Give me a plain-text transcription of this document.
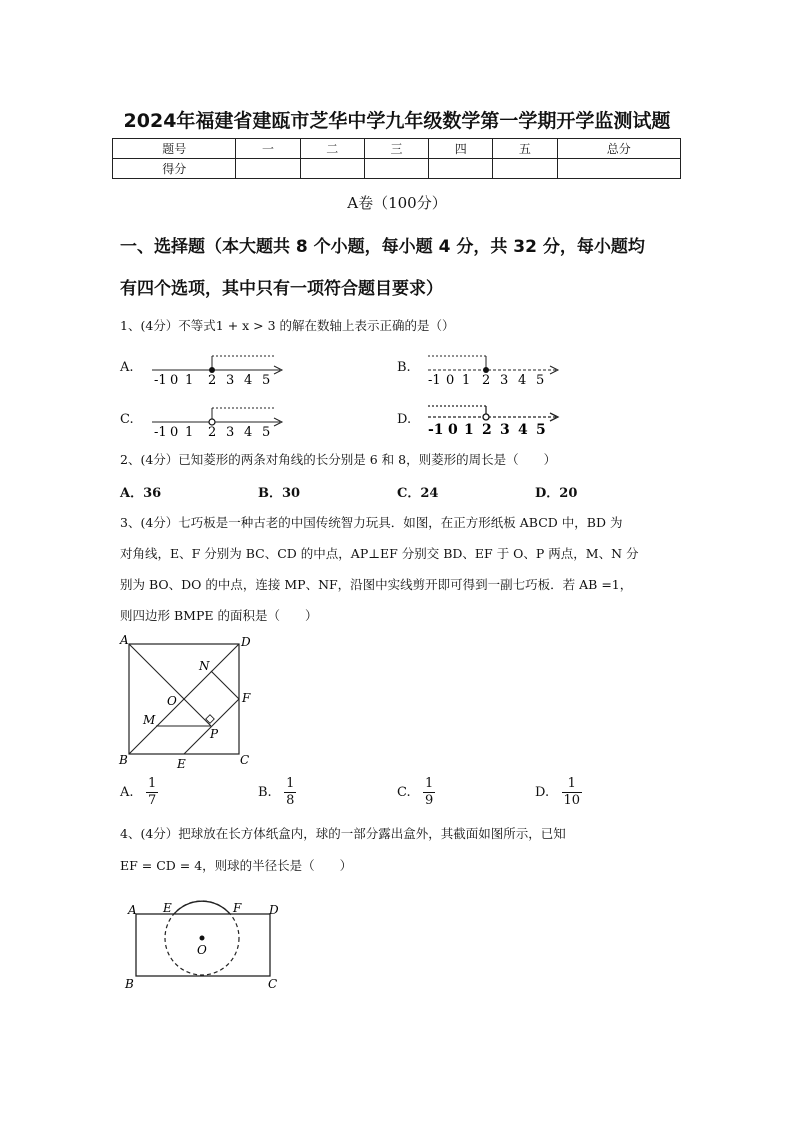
2024年福建省建瓯市芝华中学九年级数学第一学期开学监测试题
题号	一	二	三	四	五	总分
得分						
A卷（100分）
一、选择题（本大题共 8 个小题，每小题 4 分，共 32 分，每小题均
有四个选项，其中只有一项符合题目要求）
1、(4分）不等式1 + x > 3 的解在数轴上表示正确的是（）
A.	B.
C.	D.
-1 0 1 2 3 4 5	-1 0 1 2 3 4 5
-1 0 1 2 3 4 5	-1 0 1 2 3 4 5
2、(4分）已知菱形的两条对角线的长分别是 6 和 8，则菱形的周长是（　　）
A．36	B．30	C．24	D．20
3、(4分）七巧板是一种古老的中国传统智力玩具．如图，在正方形纸板 ABCD 中，BD 为
对角线，E、F 分别为 BC、CD 的中点，AP⊥EF 分别交 BD、EF 于 O、P 两点，M、N 分
别为 BO、DO 的中点，连接 MP、NF，沿图中实线剪开即可得到一副七巧板．若 AB =1，
则四边形 BMPE 的面积是（　　）
A	D
B	C
E
F
M
N
O
P
A. $\frac{1}{7}$	B. $\frac{1}{8}$	C. $\frac{1}{9}$	D. $\frac{1}{10}$
4、(4分）把球放在长方体纸盒内，球的一部分露出盒外，其截面如图所示，已知
EF = CD = 4，则球的半径长是（　　）
A E	F D
B	C
O
